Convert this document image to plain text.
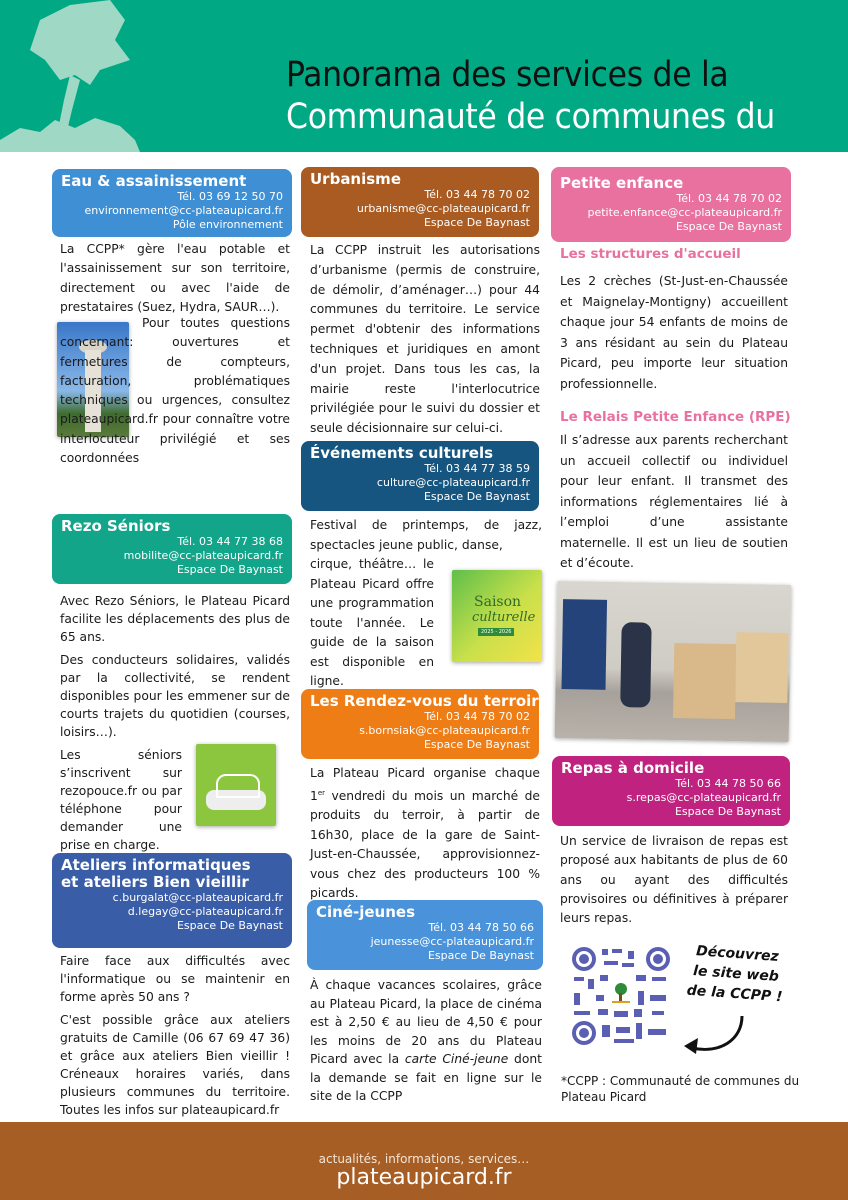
Panorama des services de la
Communauté de communes du
Eau & assainissement
Tél. 03 69 12 50 70
environnement@cc-plateaupicard.fr
Pôle environnement

La CCPP* gère l'eau potable et l'assainissement sur son territoire, directement ou avec l'aide de prestataires (Suez, Hydra, SAUR…).

Pour toutes questions concernant: ouvertures et fermetures de compteurs, facturation, problématiques techniques ou urgences, consultez plateaupicard.fr pour connaître votre interlocuteur privilégié et ses coordonnées

Rezo Séniors
Tél. 03 44 77 38 68
mobilite@cc-plateaupicard.fr
Espace De Baynast

Avec Rezo Séniors, le Plateau Picard facilite les déplacements des plus de 65 ans.

Des conducteurs solidaires, validés par la collectivité, se rendent disponibles pour les emmener sur de courts trajets du quotidien (courses, loisirs…).

Les séniors s’inscrivent sur rezopouce.fr ou par téléphone pour demander une prise en charge.

Ateliers informatiques
et ateliers Bien vieillir
c.burgalat@cc-plateaupicard.fr
d.legay@cc-plateaupicard.fr
Espace De Baynast

Faire face aux difficultés avec l'informatique ou se maintenir en forme après 50 ans ?

C'est possible grâce aux ateliers gratuits de Camille (06 67 69 47 36) et grâce aux ateliers Bien vieillir ! Créneaux horaires variés, dans plusieurs communes du territoire. Toutes les infos sur plateaupicard.fr

Urbanisme
Tél. 03 44 78 70 02
urbanisme@cc-plateaupicard.fr
Espace De Baynast

La CCPP instruit les autorisations d’urbanisme (permis de construire, de démolir, d’aménager…) pour 44 communes du territoire. Le service permet d'obtenir des informations techniques et juridiques en amont d'un projet. Dans tous les cas, la mairie reste l'interlocutrice privilégiée pour le suivi du dossier et seule décisionnaire sur celui-ci.

Événements culturels
Tél. 03 44 77 38 59
culture@cc-plateaupicard.fr
Espace De Baynast

Festival de printemps, de jazz, spectacles jeune public, danse,

cirque, théâtre… le Plateau Picard offre une programmation toute l'année. Le guide de la saison est disponible en ligne.

Saison
culturelle
2025 - 2026
Les Rendez-vous du terroir
Tél. 03 44 78 70 02
s.bornsiak@cc-plateaupicard.fr
Espace De Baynast

La Plateau Picard organise chaque 1er vendredi du mois un marché de produits du terroir, à partir de 16h30, place de la gare de Saint-Just-en-Chaussée, approvisionnez-vous chez des producteurs 100 % picards.

Ciné-jeunes
Tél. 03 44 78 50 66
jeunesse@cc-plateaupicard.fr
Espace De Baynast

À chaque vacances scolaires, grâce au Plateau Picard, la place de cinéma est à 2,50 € au lieu de 4,50 € pour les moins de 20 ans du Plateau Picard avec la carte Ciné-jeune dont la demande se fait en ligne sur le site de la CCPP

Petite enfance
Tél. 03 44 78 70 02
petite.enfance@cc-plateaupicard.fr
Espace De Baynast
Les structures d'accueil

Les 2 crèches (St-Just-en-Chaussée et Maignelay-Montigny) accueillent chaque jour 54 enfants de moins de 3 ans résidant au sein du Plateau Picard, peu importe leur situation professionnelle.

Le Relais Petite Enfance (RPE)

Il s’adresse aux parents recherchant un accueil collectif ou individuel pour leur enfant. Il transmet des informations réglementaires lié à l’emploi d’une assistante maternelle. Il est un lieu de soutien et d’écoute.

Repas à domicile
Tél. 03 44 78 50 66
s.repas@cc-plateaupicard.fr
Espace De Baynast

Un service de livraison de repas est proposé aux habitants de plus de 60 ans ou ayant des difficultés provisoires ou définitives à préparer leurs repas.

Découvrez
le site web
de la CCPP !
*CCPP : Communauté de communes du Plateau Picard
actualités, informations, services…
plateaupicard.fr
